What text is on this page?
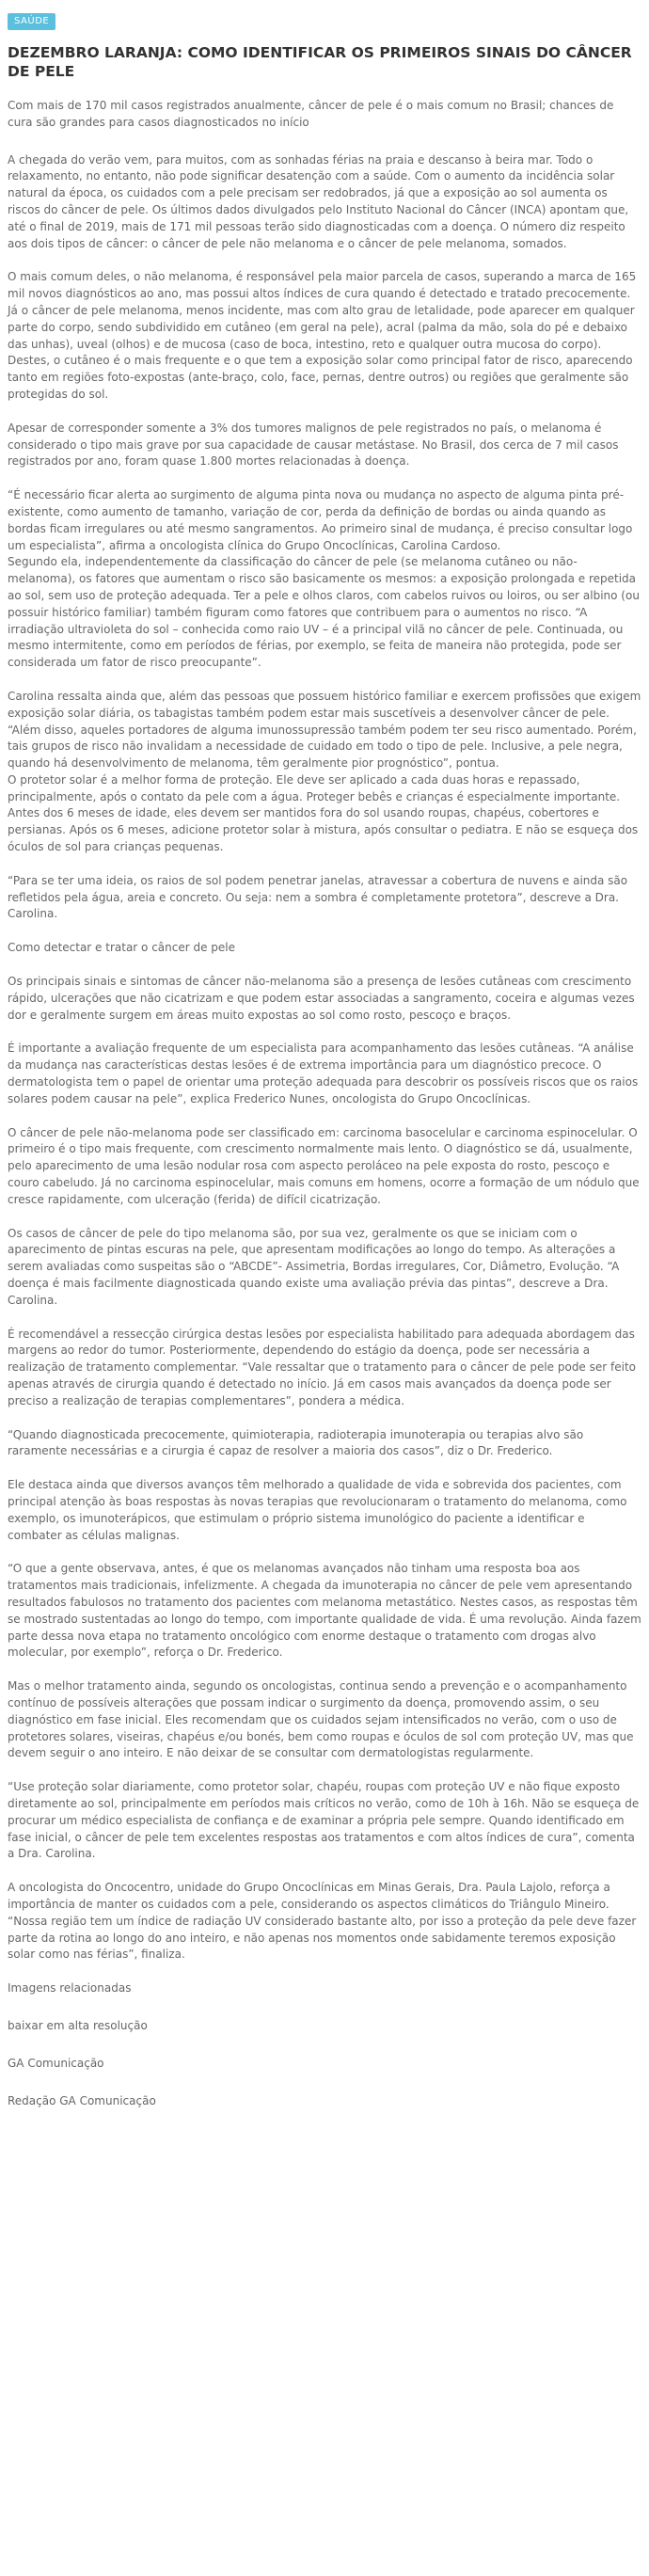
SAÚDE
DEZEMBRO LARANJA: COMO IDENTIFICAR OS PRIMEIROS SINAIS DO CÂNCER DE PELE

Com mais de 170 mil casos registrados anualmente, câncer de pele é o mais comum no Brasil; chances de cura são grandes para casos diagnosticados no início

A chegada do verão vem, para muitos, com as sonhadas férias na praia e descanso à beira mar. Todo o relaxamento, no entanto, não pode significar desatenção com a saúde. Com o aumento da incidência solar natural da época, os cuidados com a pele precisam ser redobrados, já que a exposição ao sol aumenta os riscos do câncer de pele. Os últimos dados divulgados pelo Instituto Nacional do Câncer (INCA) apontam que, até o final de 2019, mais de 171 mil pessoas terão sido diagnosticadas com a doença. O número diz respeito aos dois tipos de câncer: o câncer de pele não melanoma e o câncer de pele melanoma, somados.

O mais comum deles, o não melanoma, é responsável pela maior parcela de casos, superando a marca de 165 mil novos diagnósticos ao ano, mas possui altos índices de cura quando é detectado e tratado precocemente. Já o câncer de pele melanoma, menos incidente, mas com alto grau de letalidade, pode aparecer em qualquer parte do corpo, sendo subdividido em cutâneo (em geral na pele), acral (palma da mão, sola do pé e debaixo das unhas), uveal (olhos) e de mucosa (caso de boca, intestino, reto e qualquer outra mucosa do corpo). Destes, o cutâneo é o mais frequente e o que tem a exposição solar como principal fator de risco, aparecendo tanto em regiões foto-expostas (ante-braço, colo, face, pernas, dentre outros) ou regiões que geralmente são protegidas do sol.

Apesar de corresponder somente a 3% dos tumores malignos de pele registrados no país, o melanoma é considerado o tipo mais grave por sua capacidade de causar metástase. No Brasil, dos cerca de 7 mil casos registrados por ano, foram quase 1.800 mortes relacionadas à doença.

“É necessário ficar alerta ao surgimento de alguma pinta nova ou mudança no aspecto de alguma pinta pré-existente, como aumento de tamanho, variação de cor, perda da definição de bordas ou ainda quando as bordas ficam irregulares ou até mesmo sangramentos. Ao primeiro sinal de mudança, é preciso consultar logo um especialista”, afirma a oncologista clínica do Grupo Oncoclínicas, Carolina Cardoso.

Segundo ela, independentemente da classificação do câncer de pele (se melanoma cutâneo ou não-melanoma), os fatores que aumentam o risco são basicamente os mesmos: a exposição prolongada e repetida ao sol, sem uso de proteção adequada. Ter a pele e olhos claros, com cabelos ruivos ou loiros, ou ser albino (ou possuir histórico familiar) também figuram como fatores que contribuem para o aumentos no risco. “A irradiação ultravioleta do sol – conhecida como raio UV – é a principal vilã no câncer de pele. Continuada, ou mesmo intermitente, como em períodos de férias, por exemplo, se feita de maneira não protegida, pode ser considerada um fator de risco preocupante”.

Carolina ressalta ainda que, além das pessoas que possuem histórico familiar e exercem profissões que exigem exposição solar diária, os tabagistas também podem estar mais suscetíveis a desenvolver câncer de pele. “Além disso, aqueles portadores de alguma imunossupressão também podem ter seu risco aumentado. Porém, tais grupos de risco não invalidam a necessidade de cuidado em todo o tipo de pele. Inclusive, a pele negra, quando há desenvolvimento de melanoma, têm geralmente pior prognóstico”, pontua.

O protetor solar é a melhor forma de proteção. Ele deve ser aplicado a cada duas horas e repassado, principalmente, após o contato da pele com a água. Proteger bebês e crianças é especialmente importante. Antes dos 6 meses de idade, eles devem ser mantidos fora do sol usando roupas, chapéus, cobertores e persianas. Após os 6 meses, adicione protetor solar à mistura, após consultar o pediatra. E não se esqueça dos óculos de sol para crianças pequenas.

“Para se ter uma ideia, os raios de sol podem penetrar janelas, atravessar a cobertura de nuvens e ainda são refletidos pela água, areia e concreto. Ou seja: nem a sombra é completamente protetora”, descreve a Dra. Carolina.

Como detectar e tratar o câncer de pele

Os principais sinais e sintomas de câncer não-melanoma são a presença de lesões cutâneas com crescimento rápido, ulcerações que não cicatrizam e que podem estar associadas a sangramento, coceira e algumas vezes dor e geralmente surgem em áreas muito expostas ao sol como rosto, pescoço e braços.

É importante a avaliação frequente de um especialista para acompanhamento das lesões cutâneas. “A análise da mudança nas características destas lesões é de extrema importância para um diagnóstico precoce. O dermatologista tem o papel de orientar uma proteção adequada para descobrir os possíveis riscos que os raios solares podem causar na pele”, explica Frederico Nunes, oncologista do Grupo Oncoclínicas.

O câncer de pele não-melanoma pode ser classificado em: carcinoma basocelular e carcinoma espinocelular. O primeiro é o tipo mais frequente, com crescimento normalmente mais lento. O diagnóstico se dá, usualmente, pelo aparecimento de uma lesão nodular rosa com aspecto peroláceo na pele exposta do rosto, pescoço e couro cabeludo. Já no carcinoma espinocelular, mais comuns em homens, ocorre a formação de um nódulo que cresce rapidamente, com ulceração (ferida) de difícil cicatrização.

Os casos de câncer de pele do tipo melanoma são, por sua vez, geralmente os que se iniciam com o aparecimento de pintas escuras na pele, que apresentam modificações ao longo do tempo. As alterações a serem avaliadas como suspeitas são o “ABCDE”- Assimetria, Bordas irregulares, Cor, Diâmetro, Evolução. “A doença é mais facilmente diagnosticada quando existe uma avaliação prévia das pintas”, descreve a Dra. Carolina.

É recomendável a ressecção cirúrgica destas lesões por especialista habilitado para adequada abordagem das margens ao redor do tumor. Posteriormente, dependendo do estágio da doença, pode ser necessária a realização de tratamento complementar. “Vale ressaltar que o tratamento para o câncer de pele pode ser feito apenas através de cirurgia quando é detectado no início. Já em casos mais avançados da doença pode ser preciso a realização de terapias complementares”, pondera a médica.

“Quando diagnosticada precocemente, quimioterapia, radioterapia imunoterapia ou terapias alvo são raramente necessárias e a cirurgia é capaz de resolver a maioria dos casos”, diz o Dr. Frederico.

Ele destaca ainda que diversos avanços têm melhorado a qualidade de vida e sobrevida dos pacientes, com principal atenção às boas respostas às novas terapias que revolucionaram o tratamento do melanoma, como exemplo, os imunoterápicos, que estimulam o próprio sistema imunológico do paciente a identificar e combater as células malignas.

“O que a gente observava, antes, é que os melanomas avançados não tinham uma resposta boa aos tratamentos mais tradicionais, infelizmente. A chegada da imunoterapia no câncer de pele vem apresentando resultados fabulosos no tratamento dos pacientes com melanoma metastático. Nestes casos, as respostas têm se mostrado sustentadas ao longo do tempo, com importante qualidade de vida. É uma revolução. Ainda fazem parte dessa nova etapa no tratamento oncológico com enorme destaque o tratamento com drogas alvo molecular, por exemplo”, reforça o Dr. Frederico.

Mas o melhor tratamento ainda, segundo os oncologistas, continua sendo a prevenção e o acompanhamento contínuo de possíveis alterações que possam indicar o surgimento da doença, promovendo assim, o seu diagnóstico em fase inicial. Eles recomendam que os cuidados sejam intensificados no verão, com o uso de protetores solares, viseiras, chapéus e/ou bonés, bem como roupas e óculos de sol com proteção UV, mas que devem seguir o ano inteiro. E não deixar de se consultar com dermatologistas regularmente.

“Use proteção solar diariamente, como protetor solar, chapéu, roupas com proteção UV e não fique exposto diretamente ao sol, principalmente em períodos mais críticos no verão, como de 10h à 16h. Não se esqueça de procurar um médico especialista de confiança e de examinar a própria pele sempre. Quando identificado em fase inicial, o câncer de pele tem excelentes respostas aos tratamentos e com altos índices de cura”, comenta a Dra. Carolina.

A oncologista do Oncocentro, unidade do Grupo Oncoclínicas em Minas Gerais, Dra. Paula Lajolo, reforça a importância de manter os cuidados com a pele, considerando os aspectos climáticos do Triângulo Mineiro. “Nossa região tem um índice de radiação UV considerado bastante alto, por isso a proteção da pele deve fazer parte da rotina ao longo do ano inteiro, e não apenas nos momentos onde sabidamente teremos exposição solar como nas férias”, finaliza.

Imagens relacionadas

baixar em alta resolução

GA Comunicação

Redação GA Comunicação
